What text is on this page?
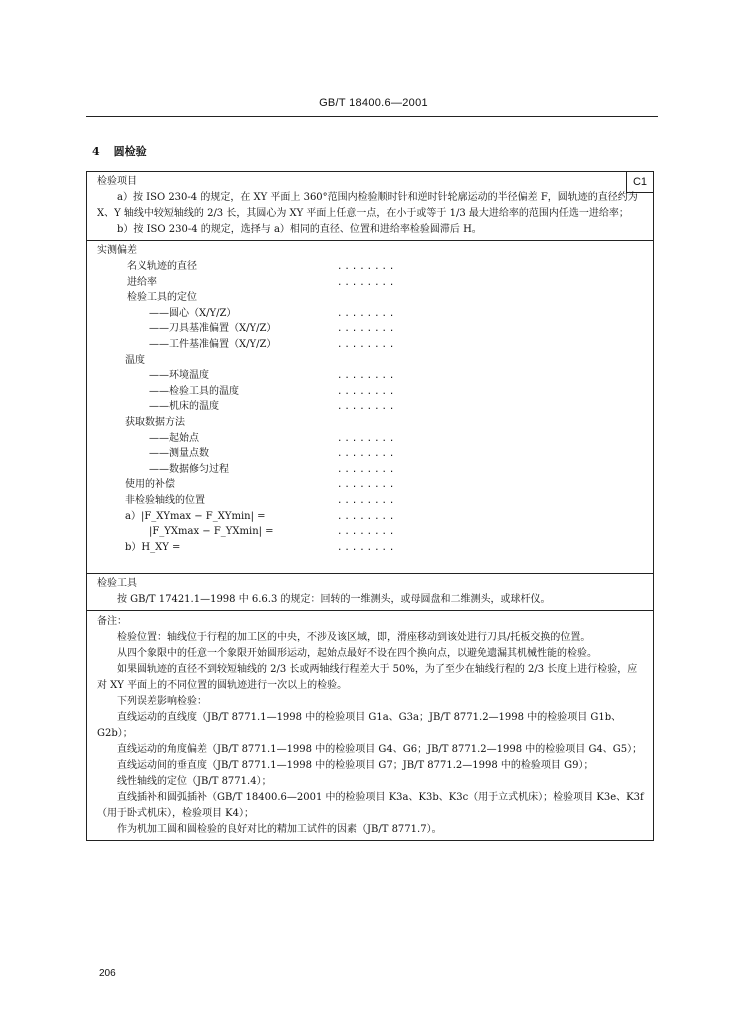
GB/T 18400.6—2001
4 圆检验
C1

检验项目

a）按 ISO 230-4 的规定，在 XY 平面上 360°范围内检验顺时针和逆时针轮廓运动的半径偏差 F，圆轨迹的直径约为 X、Y 轴线中较短轴线的 2/3 长，其圆心为 XY 平面上任意一点，在小于或等于 1/3 最大进给率的范围内任选一进给率；

b）按 ISO 230-4 的规定，选择与 a）相同的直径、位置和进给率检验圆滞后 H。

实测偏差

名义轨迹的直径	........
进给率	........
检验工具的定位
——圆心（X/Y/Z）	........
——刀具基准偏置（X/Y/Z）	........
——工件基准偏置（X/Y/Z）	........
温度
——环境温度	........
——检验工具的温度	........
——机床的温度	........
获取数据方法
——起始点	........
——测量点数	........
——数据修匀过程	........
使用的补偿	........
非检验轴线的位置	........
a）|F_XYmax − F_XYmin| =	........
|F_YXmax − F_YXmin| =	........
b）H_XY =	........

检验工具

按 GB/T 17421.1—1998 中 6.6.3 的规定：回转的一维测头，或母圆盘和二维测头，或球杆仪。

备注：

检验位置：轴线位于行程的加工区的中央，不涉及该区域，即，滑座移动到该处进行刀具/托板交换的位置。

从四个象限中的任意一个象限开始圆形运动，起始点最好不设在四个换向点，以避免遗漏其机械性能的检验。

如果圆轨迹的直径不到较短轴线的 2/3 长或两轴线行程差大于 50%，为了至少在轴线行程的 2/3 长度上进行检验，应对 XY 平面上的不同位置的圆轨迹进行一次以上的检验。

下列误差影响检验：

直线运动的直线度（JB/T 8771.1—1998 中的检验项目 G1a、G3a；JB/T 8771.2—1998 中的检验项目 G1b、G2b）；

直线运动的角度偏差（JB/T 8771.1—1998 中的检验项目 G4、G6；JB/T 8771.2—1998 中的检验项目 G4、G5）；

直线运动间的垂直度（JB/T 8771.1—1998 中的检验项目 G7；JB/T 8771.2—1998 中的检验项目 G9）；

线性轴线的定位（JB/T 8771.4）；

直线插补和圆弧插补（GB/T 18400.6—2001 中的检验项目 K3a、K3b、K3c（用于立式机床）；检验项目 K3e、K3f（用于卧式机床），检验项目 K4）；

作为机加工圆和圆检验的良好对比的精加工试件的因素（JB/T 8771.7）。

206
